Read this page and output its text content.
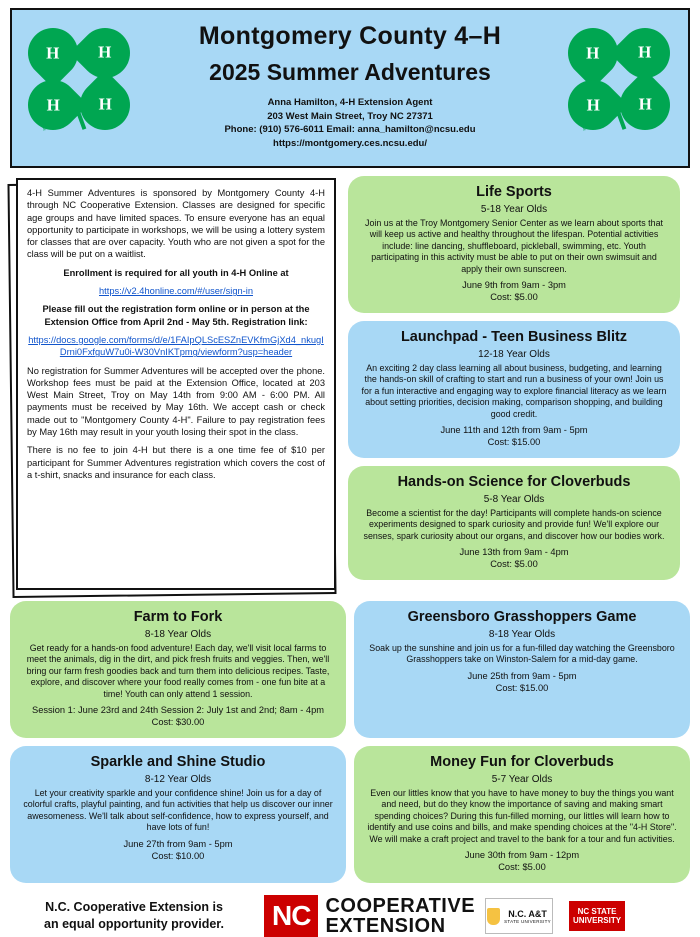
H H
H H
4-H
H H
H H
4-H
Montgomery County 4–H
2025 Summer Adventures
Anna Hamilton, 4-H Extension Agent
203 West Main Street, Troy NC 27371
Phone: (910) 576-6011 Email: anna_hamilton@ncsu.edu
https://montgomery.ces.ncsu.edu/

4-H Summer Adventures is sponsored by Montgomery County 4-H through NC Cooperative Extension. Classes are designed for specific age groups and have limited spaces. To ensure everyone has an equal opportunity to participate in workshops, we will be using a lottery system for classes that are over capacity. Youth who are not given a spot for the class will be put on a waitlist.

Enrollment is required for all youth in 4-H Online at

https://v2.4honline.com/#/user/sign-in

Please fill out the registration form online or in person at the Extension Office from April 2nd - May 5th. Registration link:

https://docs.google.com/forms/d/e/1FAIpQLScESZnEVKfmGjXd4_nkugIDrni0FxfguW7u0i-W30VnIKTpmg/viewform?usp=header

No registration for Summer Adventures will be accepted over the phone. Workshop fees must be paid at the Extension Office, located at 203 West Main Street, Troy on May 14th from 9:00 AM - 6:00 PM. All payments must be received by May 16th. We accept cash or check made out to "Montgomery County 4-H". Failure to pay registration fees by May 16th may result in your youth losing their spot in the class.

There is no fee to join 4-H but there is a one time fee of $10 per participant for Summer Adventures registration which covers the cost of a t-shirt, snacks and insurance for each class.

Life Sports
5-18 Year Olds
Join us at the Troy Montgomery Senior Center as we learn about sports that will keep us active and healthy throughout the lifespan. Potential activities include: line dancing, shuffleboard, pickleball, swimming, etc. Youth participating in this activity must be able to put on their own swimsuit and apply their own sunscreen.
June 9th from 9am - 3pm
Cost: $5.00
Launchpad - Teen Business Blitz
12-18 Year Olds
An exciting 2 day class learning all about business, budgeting, and learning the hands-on skill of crafting to start and run a business of your own! Join us for a fun interactive and engaging way to explore financial literacy as we learn about setting priorities, decision making, comparison shopping, and building good credit.
June 11th and 12th from 9am - 5pm
Cost: $15.00
Hands-on Science for Cloverbuds
5-8 Year Olds
Become a scientist for the day! Participants will complete hands-on science experiments designed to spark curiosity and provide fun! We'll explore our senses, spark curiosity about our organs, and discover how our bodies work.
June 13th from 9am - 4pm
Cost: $5.00
Farm to Fork
8-18 Year Olds
Get ready for a hands-on food adventure! Each day, we'll visit local farms to meet the animals, dig in the dirt, and pick fresh fruits and veggies. Then, we'll bring our farm fresh goodies back and turn them into delicious recipes. Taste, explore, and discover where your food really comes from - one fun bite at a time! Youth can only attend 1 session.
Session 1: June 23rd and 24th Session 2: July 1st and 2nd; 8am - 4pm
Cost: $30.00
Greensboro Grasshoppers Game
8-18 Year Olds
Soak up the sunshine and join us for a fun-filled day watching the Greensboro Grasshoppers take on Winston-Salem for a mid-day game.
June 25th from 9am - 5pm
Cost: $15.00
Sparkle and Shine Studio
8-12 Year Olds
Let your creativity sparkle and your confidence shine! Join us for a day of colorful crafts, playful painting, and fun activities that help us discover our inner awesomeness. We'll talk about self-confidence, how to express yourself, and have lots of fun!
June 27th from 9am - 5pm
Cost: $10.00
Money Fun for Cloverbuds
5-7 Year Olds
Even our littles know that you have to have money to buy the things you want and need, but do they know the importance of saving and making smart spending choices? During this fun-filled morning, our littles will learn how to identify and use coins and bills, and make spending choices at the "4-H Store". We will make a craft project and travel to the bank for a tour and fun activities.
June 30th from 9am - 12pm
Cost: $5.00
N.C. Cooperative Extension is
an equal opportunity provider.	NC COOPERATIVE
EXTENSION
N.C. A&T
STATE UNIVERSITY
NC STATE
UNIVERSITY
